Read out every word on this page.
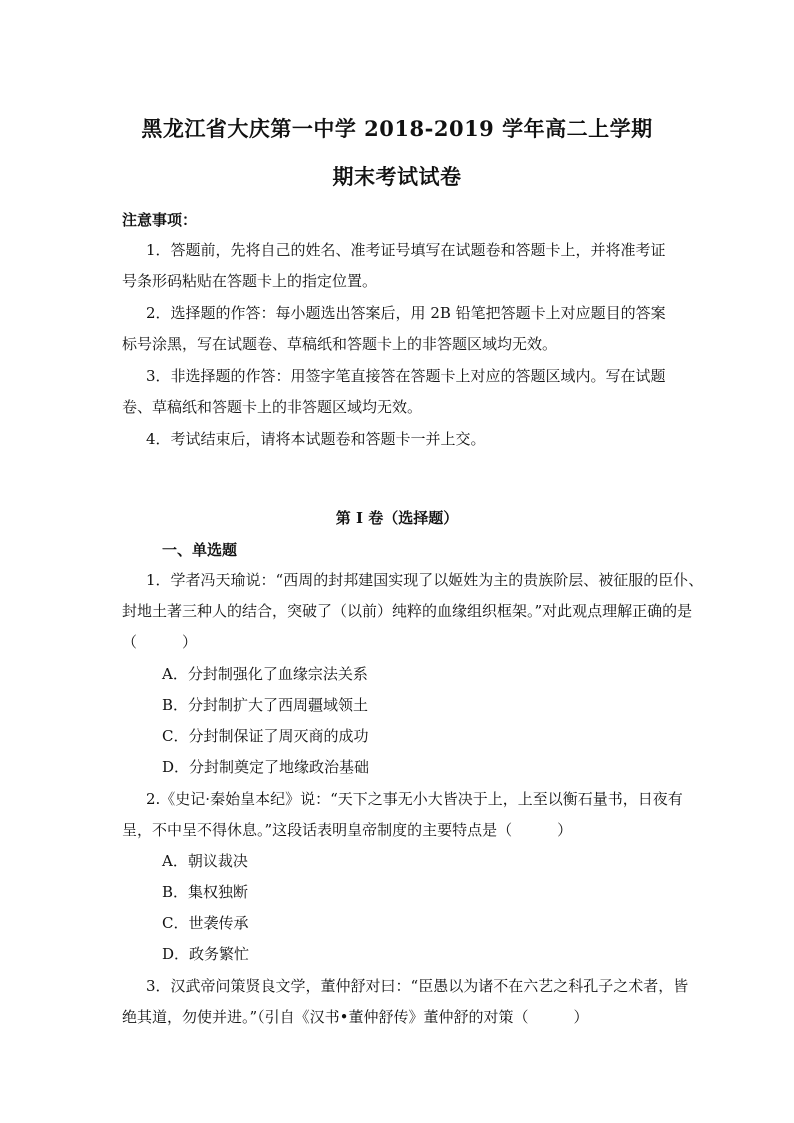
黑龙江省大庆第一中学 2018-2019 学年高二上学期
期末考试试卷
注意事项：
1．答题前，先将自己的姓名、准考证号填写在试题卷和答题卡上，并将准考证
号条形码粘贴在答题卡上的指定位置。
2．选择题的作答：每小题选出答案后，用 2B 铅笔把答题卡上对应题目的答案
标号涂黑，写在试题卷、草稿纸和答题卡上的非答题区域均无效。
3．非选择题的作答：用签字笔直接答在答题卡上对应的答题区域内。写在试题
卷、草稿纸和答题卡上的非答题区域均无效。
4．考试结束后，请将本试题卷和答题卡一并上交。
第 I 卷（选择题）
一、单选题
1．学者冯天瑜说：“西周的封邦建国实现了以姬姓为主的贵族阶层、被征服的臣仆、
封地土著三种人的结合，突破了（以前）纯粹的血缘组织框架。”对此观点理解正确的是
（　　　）
A．分封制强化了血缘宗法关系
B．分封制扩大了西周疆域领土
C．分封制保证了周灭商的成功
D．分封制奠定了地缘政治基础
2.《史记·秦始皇本纪》说：“天下之事无小大皆决于上，上至以衡石量书，日夜有
呈，不中呈不得休息。”这段话表明皇帝制度的主要特点是（　　　）
A．朝议裁决
B．集权独断
C．世袭传承
D．政务繁忙
3．汉武帝问策贤良文学，董仲舒对曰：“臣愚以为诸不在六艺之科孔子之术者，皆
绝其道，勿使并进。”（引自《汉书•董仲舒传》董仲舒的对策（　　　）
